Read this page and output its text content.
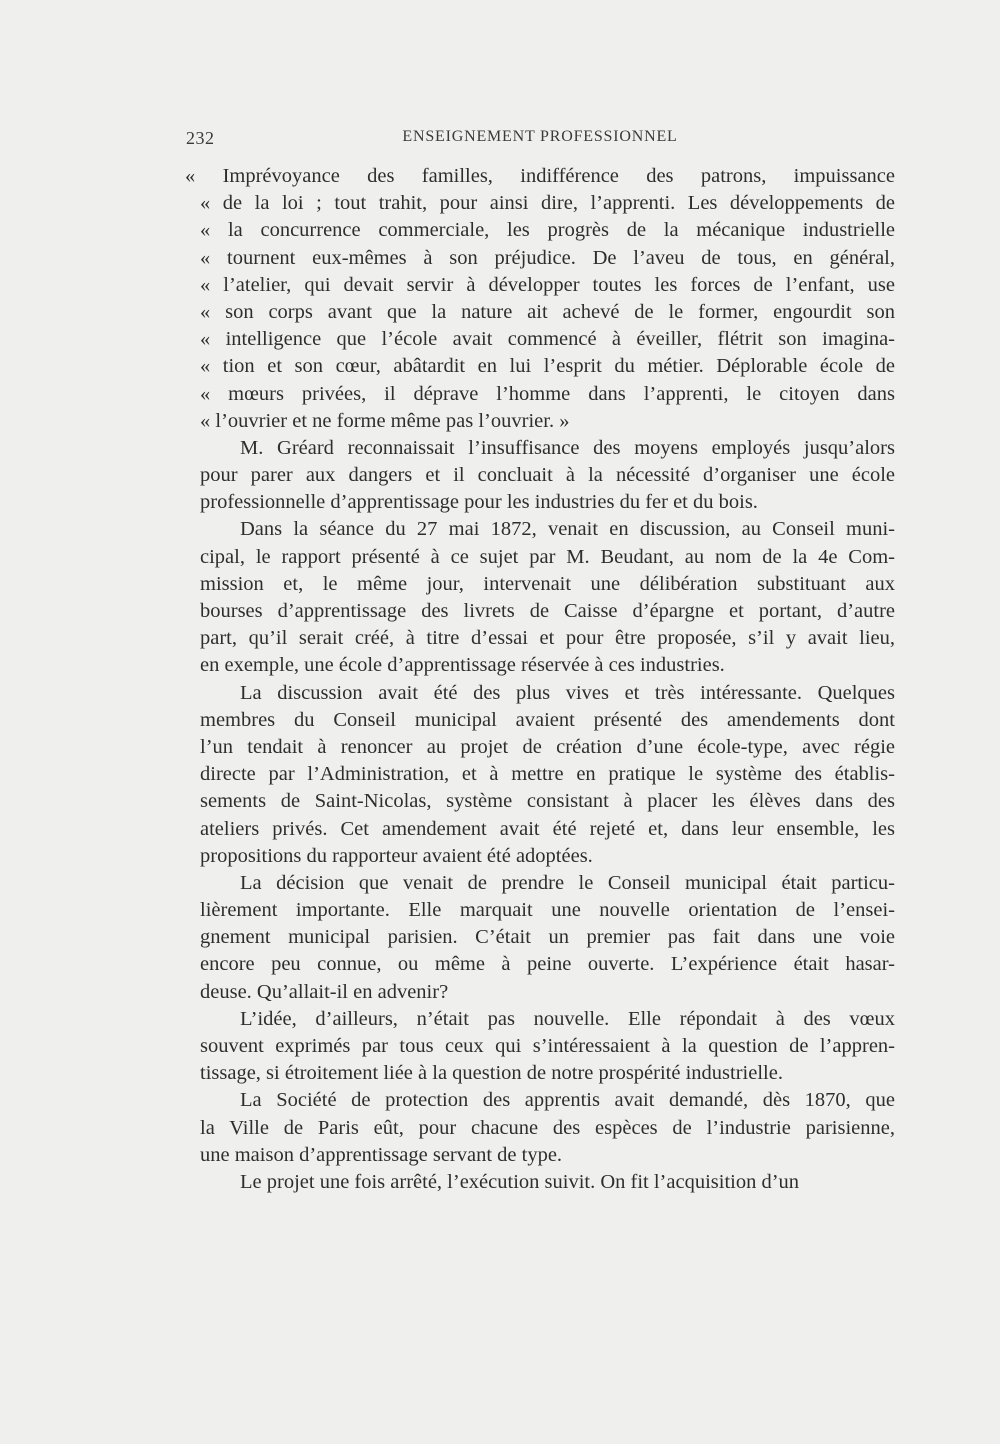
232	ENSEIGNEMENT PROFESSIONNEL
« Imprévoyance des familles, indifférence des patrons, impuissance
« de la loi ; tout trahit, pour ainsi dire, l’apprenti. Les développements de
« la concurrence commerciale, les progrès de la mécanique industrielle
« tournent eux-mêmes à son préjudice. De l’aveu de tous, en général,
« l’atelier, qui devait servir à développer toutes les forces de l’enfant, use
« son corps avant que la nature ait achevé de le former, engourdit son
« intelligence que l’école avait commencé à éveiller, flétrit son imagina-
« tion et son cœur, abâtardit en lui l’esprit du métier. Déplorable école de
« mœurs privées, il déprave l’homme dans l’apprenti, le citoyen dans
« l’ouvrier et ne forme même pas l’ouvrier. »
M. Gréard reconnaissait l’insuffisance des moyens employés jusqu’alors
pour parer aux dangers et il concluait à la nécessité d’organiser une école
professionnelle d’apprentissage pour les industries du fer et du bois.
Dans la séance du 27 mai 1872, venait en discussion, au Conseil muni-
cipal, le rapport présenté à ce sujet par M. Beudant, au nom de la 4e Com-
mission et, le même jour, intervenait une délibération substituant aux
bourses d’apprentissage des livrets de Caisse d’épargne et portant, d’autre
part, qu’il serait créé, à titre d’essai et pour être proposée, s’il y avait lieu,
en exemple, une école d’apprentissage réservée à ces industries.
La discussion avait été des plus vives et très intéressante. Quelques
membres du Conseil municipal avaient présenté des amendements dont
l’un tendait à renoncer au projet de création d’une école-type, avec régie
directe par l’Administration, et à mettre en pratique le système des établis-
sements de Saint-Nicolas, système consistant à placer les élèves dans des
ateliers privés. Cet amendement avait été rejeté et, dans leur ensemble, les
propositions du rapporteur avaient été adoptées.
La décision que venait de prendre le Conseil municipal était particu-
lièrement importante. Elle marquait une nouvelle orientation de l’ensei-
gnement municipal parisien. C’était un premier pas fait dans une voie
encore peu connue, ou même à peine ouverte. L’expérience était hasar-
deuse. Qu’allait-il en advenir?
L’idée, d’ailleurs, n’était pas nouvelle. Elle répondait à des vœux
souvent exprimés par tous ceux qui s’intéressaient à la question de l’appren-
tissage, si étroitement liée à la question de notre prospérité industrielle.
La Société de protection des apprentis avait demandé, dès 1870, que
la Ville de Paris eût, pour chacune des espèces de l’industrie parisienne,
une maison d’apprentissage servant de type.
Le projet une fois arrêté, l’exécution suivit. On fit l’acquisition d’un
